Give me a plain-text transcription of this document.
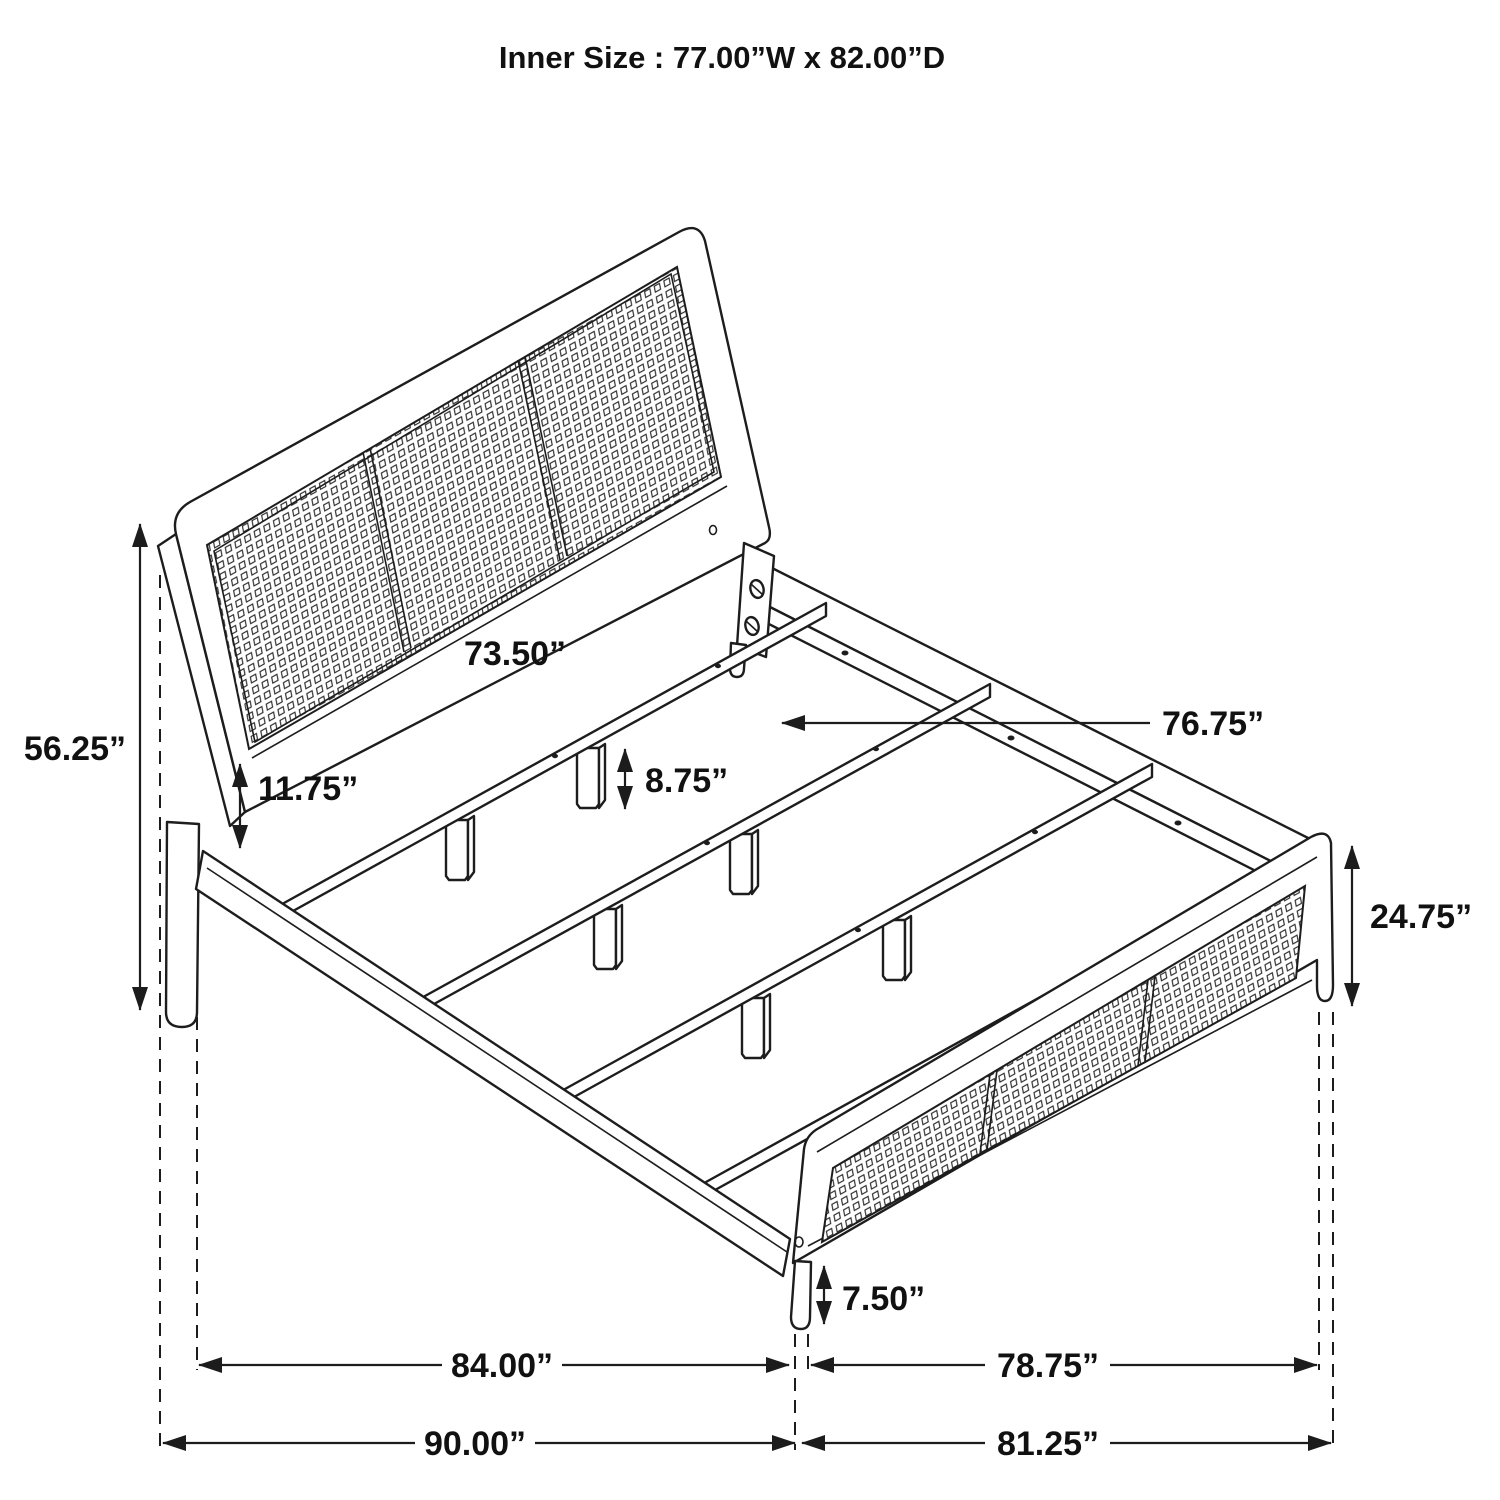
Inner Size : 77.00”W x 82.00”D
56.25”
11.75”
73.50”
76.75”
8.75”
24.75”
7.50”
84.00”	78.75”
90.00”	81.25”
